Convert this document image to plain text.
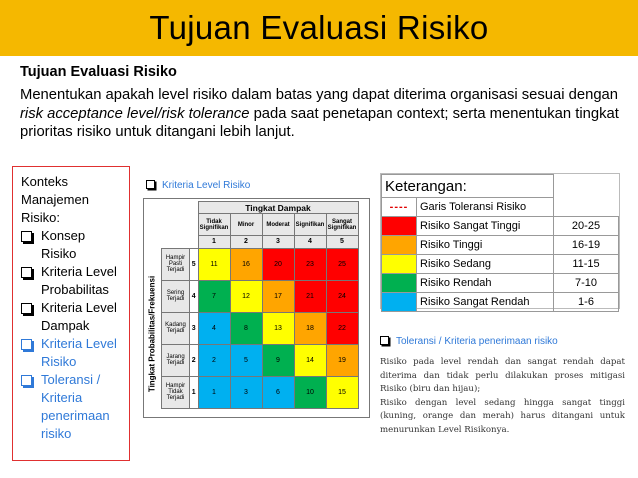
Tujuan Evaluasi Risiko
Tujuan Evaluasi Risiko
Menentukan apakah level risiko dalam batas yang dapat diterima organisasi sesuai dengan risk acceptance level/risk tolerance pada saat penetapan context; serta menentukan tingkat prioritas risiko untuk ditangani lebih lanjut.
Konteks Manajemen Risiko:
Konsep Risiko
Kriteria Level Probabilitas
Kriteria Level Dampak
Kriteria Level Risiko
Toleransi / Kriteria penerimaan risiko
Kriteria Level Risiko
Tingkat Probabilitas/Frekuensi
		Tingkat Dampak				
		Tidak Signifikan	Minor	Moderat	Signifikan	Sangat Signifikan
		1	2	3	4	5
Hampir Pasti Terjadi	5	11	16	20	23	25
Sering Terjadi	4	7	12	17	21	24
Kadang Terjadi	3	4	8	13	18	22
Jarang Terjadi	2	2	5	9	14	19
Hampir Tidak Terjadi	1	1	3	6	10	15
Keterangan:		
----	Garis Toleransi Risiko	
	Risiko Sangat Tinggi	20-25
	Risiko Tinggi	16-19
	Risiko Sedang	11-15
	Risiko Rendah	7-10
	Risiko Sangat Rendah	1-6
Toleransi / Kriteria penerimaan risiko
Risiko pada level rendah dan sangat rendah dapat diterima dan tidak perlu dilakukan proses mitigasi Risiko (biru dan hijau);
Risiko dengan level sedang hingga sangat tinggi (kuning, orange dan merah) harus ditangani untuk menurunkan Level Risikonya.
